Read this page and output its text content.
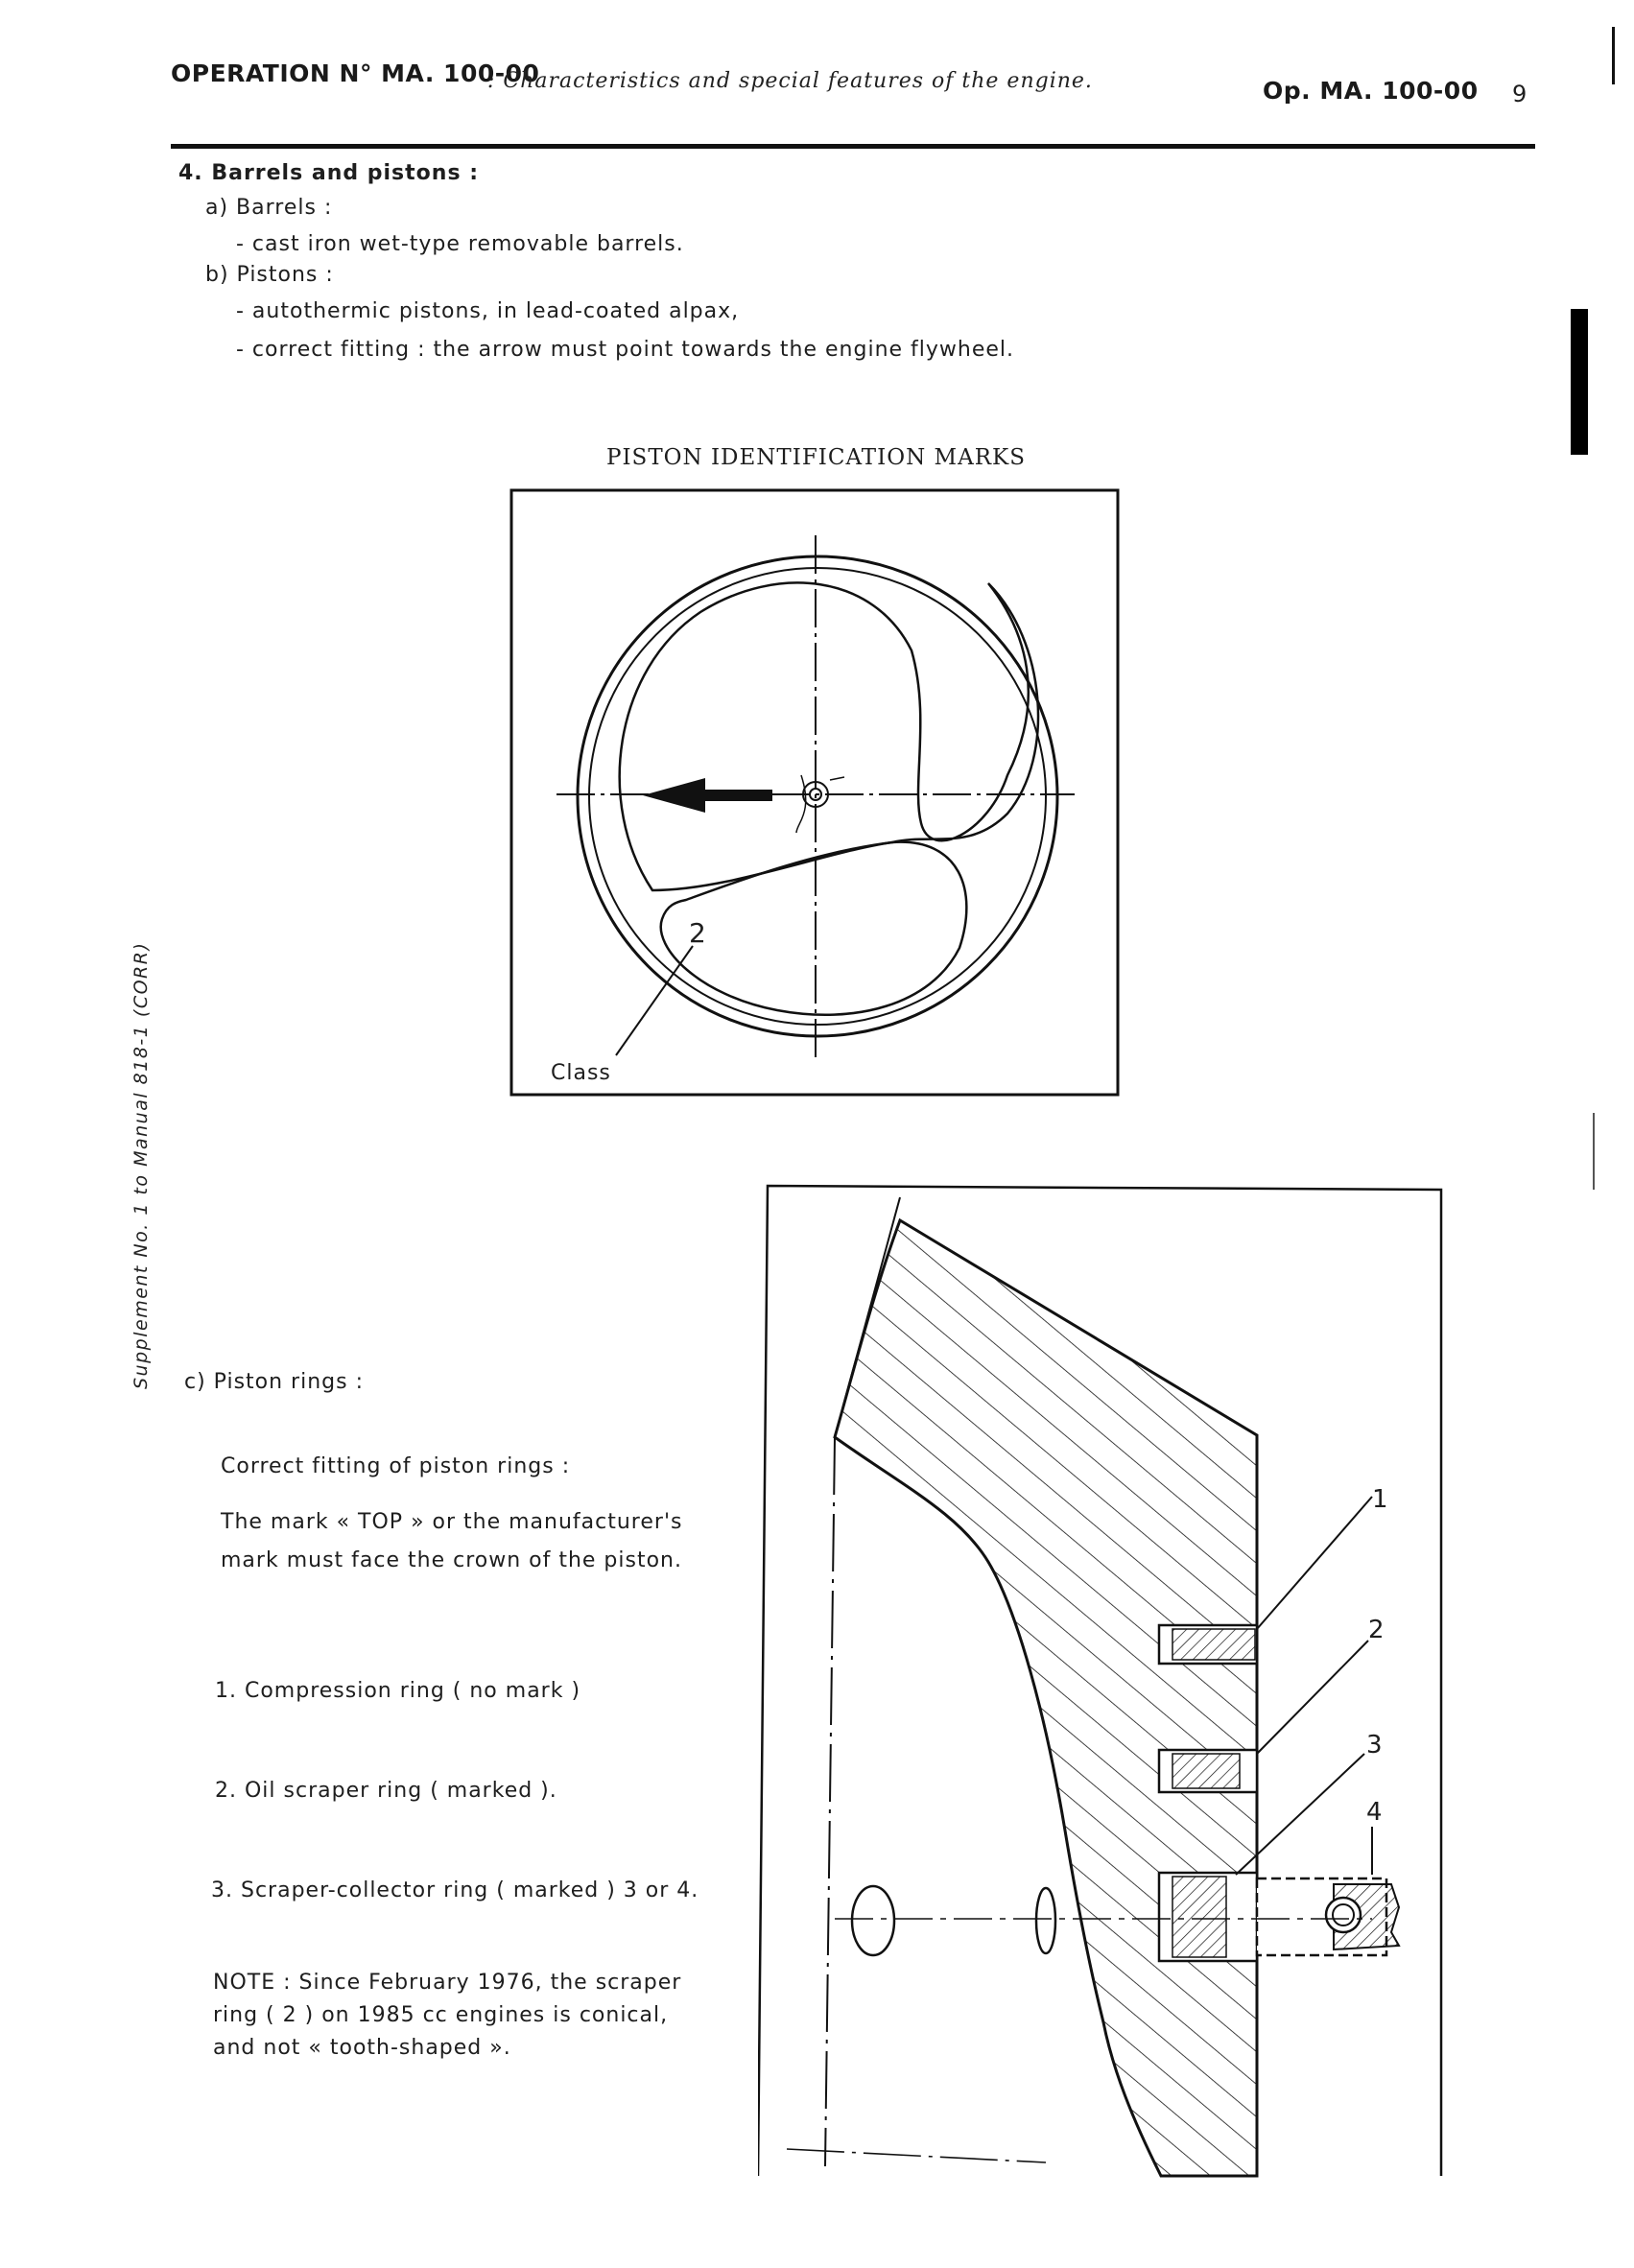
OPERATION N° MA. 100-00
: Characteristics and special features of the engine.	Op. MA. 100-00 9
Supplement No. 1 to Manual 818-1 (CORR)
4. Barrels and pistons :
a) Barrels :
- cast iron wet-type removable barrels.
b) Pistons :
- autothermic pistons, in lead-coated alpax,
- correct fitting : the arrow must point towards the engine flywheel.
PISTON IDENTIFICATION MARKS
2
Class
c) Piston rings :
Correct fitting of piston rings :
The mark « TOP » or the manufacturer's
mark must face the crown of the piston.
1. Compression ring ( no mark )
2. Oil scraper ring ( marked ).
3. Scraper-collector ring ( marked ) 3 or 4.
NOTE : Since February 1976, the scraper
ring ( 2 ) on 1985 cc engines is conical,
and not « tooth-shaped ».
1
2
3
4
